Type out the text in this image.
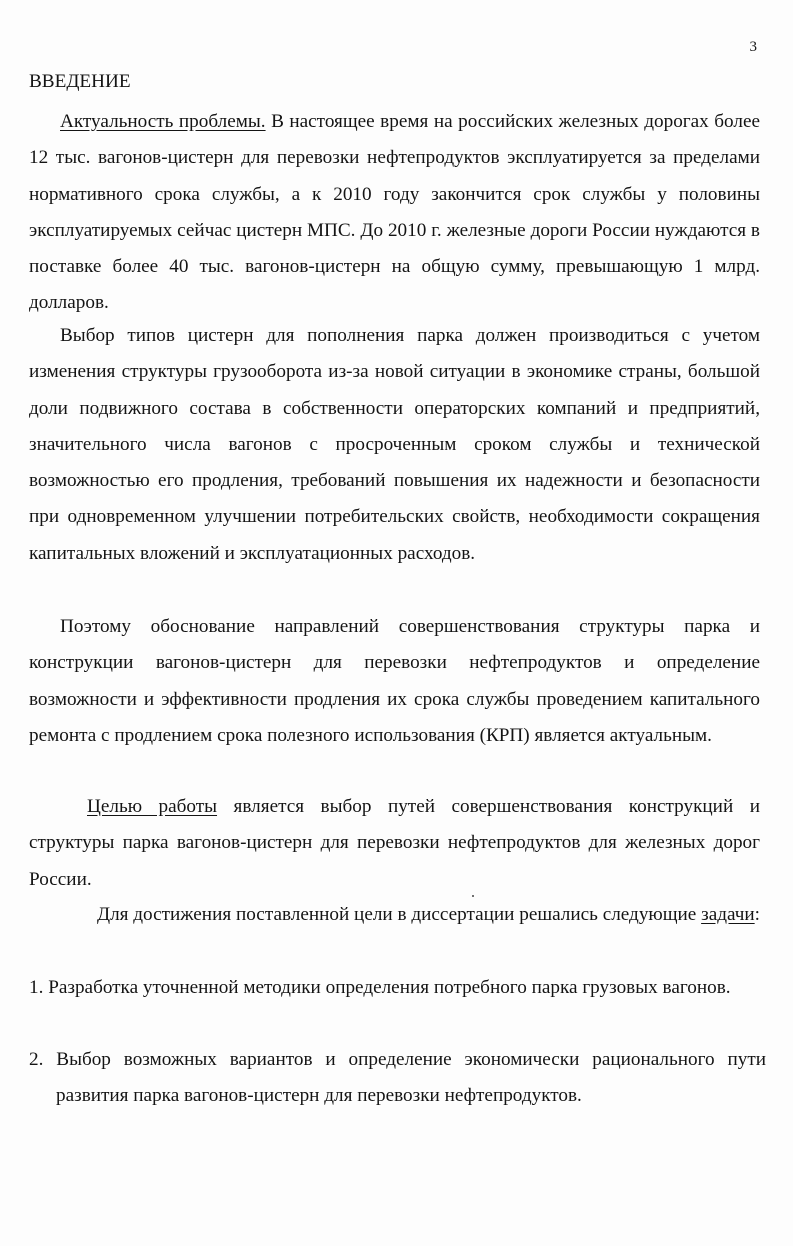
3
ВВЕДЕНИЕ

Актуальность проблемы. В настоящее время на российских железных дорогах более 12 тыс. вагонов-цистерн для перевозки нефтепродуктов эксплуатируется за пределами нормативного срока службы, а к 2010 году закончится срок службы у половины эксплуатируемых сейчас цистерн МПС. До 2010 г. железные дороги России нуждаются в поставке более 40 тыс. вагонов-цистерн на общую сумму, превышающую 1 млрд. долларов.

Выбор типов цистерн для пополнения парка должен производиться с учетом изменения структуры грузооборота из-за новой ситуации в экономике страны, большой доли подвижного состава в собственности операторских компаний и предприятий, значительного числа вагонов с просроченным сроком службы и технической возможностью его продления, требований повышения их надежности и безопасности при одновременном улучшении потребительских свойств, необходимости сокращения капитальных вложений и эксплуатационных расходов.

Поэтому обоснование направлений совершенствования структуры парка и конструкции вагонов-цистерн для перевозки нефтепродуктов и определение возможности и эффективности продления их срока службы проведением капитального ремонта с продлением срока полезного использования (КРП) является актуальным.

Целью работы является выбор путей совершенствования конструкций и структуры парка вагонов-цистерн для перевозки нефтепродуктов для железных дорог России.

Для достижения поставленной цели в диссертации решались следующие задачи:

1. Разработка уточненной методики определения потребного парка грузовых вагонов.

2. Выбор возможных вариантов и определение экономически рационального пути развития парка вагонов-цистерн для перевозки нефтепродуктов.
